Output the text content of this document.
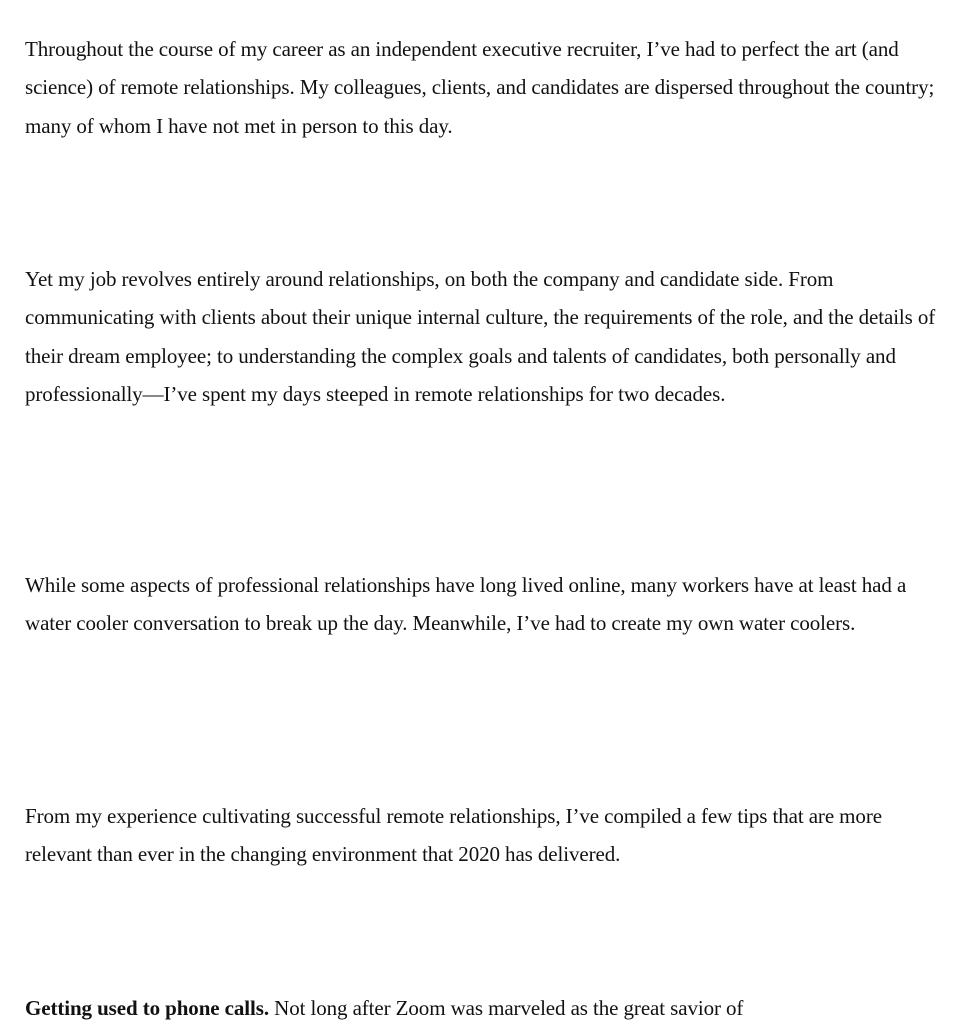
Throughout the course of my career as an independent executive recruiter, I’ve had to perfect the art (and science) of remote relationships. My colleagues, clients, and candidates are dispersed throughout the country; many of whom I have not met in person to this day.

Yet my job revolves entirely around relationships, on both the company and candidate side. From communicating with clients about their unique internal culture, the requirements of the role, and the details of their dream employee; to understanding the complex goals and talents of candidates, both personally and professionally—I’ve spent my days steeped in remote relationships for two decades.

While some aspects of professional relationships have long lived online, many workers have at least had a water cooler conversation to break up the day. Meanwhile, I’ve had to create my own water coolers.

From my experience cultivating successful remote relationships, I’ve compiled a few tips that are more relevant than ever in the changing environment that 2020 has delivered.

Getting used to phone calls. Not long after Zoom was marveled as the great savior of
